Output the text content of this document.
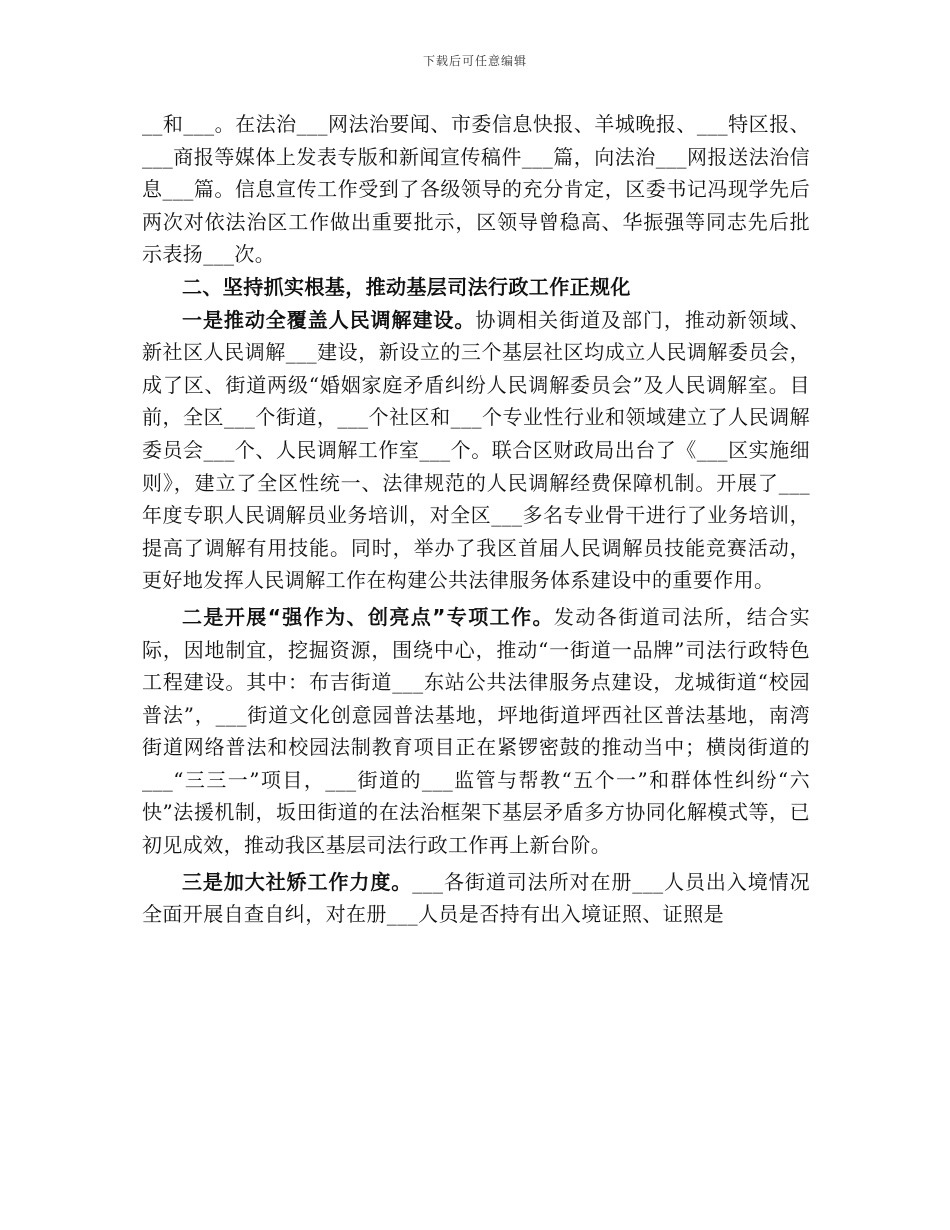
下载后可任意编辑

__和___。在法治___网法治要闻、市委信息快报、羊城晚报、___特区报、___商报等媒体上发表专版和新闻宣传稿件___篇，向法治___网报送法治信息___篇。信息宣传工作受到了各级领导的充分肯定，区委书记冯现学先后两次对依法治区工作做出重要批示，区领导曾稳高、华振强等同志先后批示表扬___次。

二、坚持抓实根基，推动基层司法行政工作正规化

一是推动全覆盖人民调解建设。协调相关街道及部门，推动新领域、新社区人民调解___建设，新设立的三个基层社区均成立人民调解委员会，成了区、街道两级“婚姻家庭矛盾纠纷人民调解委员会”及人民调解室。目前，全区___个街道，___个社区和___个专业性行业和领域建立了人民调解委员会___个、人民调解工作室___个。联合区财政局出台了《___区实施细则》，建立了全区性统一、法律规范的人民调解经费保障机制。开展了___年度专职人民调解员业务培训，对全区___多名专业骨干进行了业务培训，提高了调解有用技能。同时，举办了我区首届人民调解员技能竞赛活动，更好地发挥人民调解工作在构建公共法律服务体系建设中的重要作用。

二是开展“强作为、创亮点”专项工作。发动各街道司法所，结合实际，因地制宜，挖掘资源，围绕中心，推动“一街道一品牌”司法行政特色工程建设。其中：布吉街道___东站公共法律服务点建设，龙城街道“校园普法”，___街道文化创意园普法基地，坪地街道坪西社区普法基地，南湾街道网络普法和校园法制教育项目正在紧锣密鼓的推动当中；横岗街道的___“三三一”项目，___街道的___监管与帮教“五个一”和群体性纠纷“六快”法援机制，坂田街道的在法治框架下基层矛盾多方协同化解模式等，已初见成效，推动我区基层司法行政工作再上新台阶。

三是加大社矫工作力度。___各街道司法所对在册___人员出入境情况全面开展自查自纠，对在册___人员是否持有出入境证照、证照是
